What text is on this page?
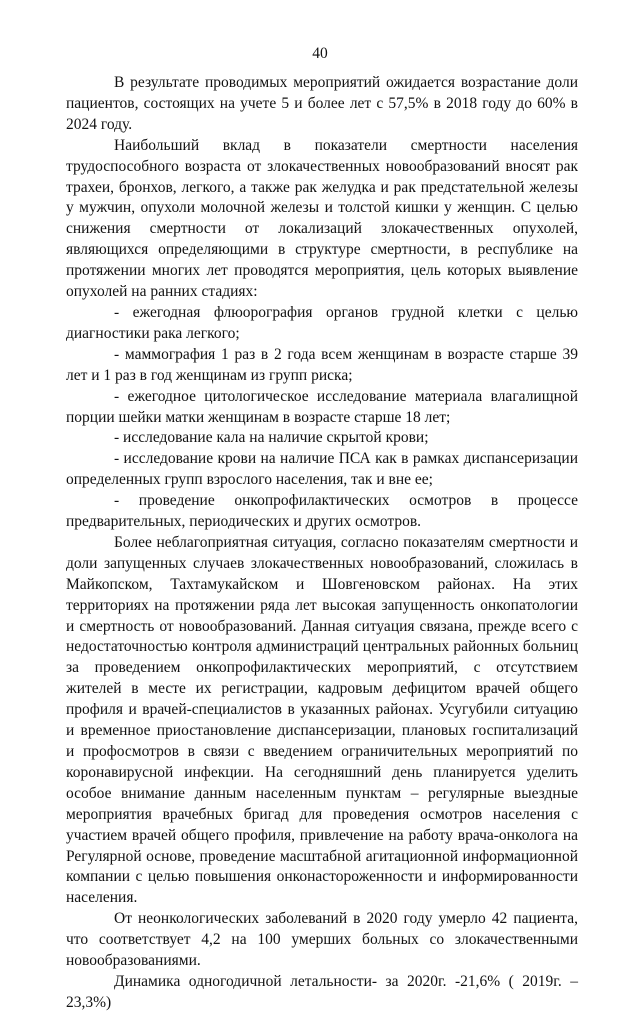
40

В результате проводимых мероприятий ожидается возрастание доли пациентов, состоящих на учете 5 и более лет с 57,5% в 2018 году до 60% в 2024 году.

Наибольший вклад в показатели смертности населения трудоспособного возраста от злокачественных новообразований вносят рак трахеи, бронхов, легкого, а также рак желудка и рак предстательной железы у мужчин, опухоли молочной железы и толстой кишки у женщин. С целью снижения смертности от локализаций злокачественных опухолей, являющихся определяющими в структуре смертности, в республике на протяжении многих лет проводятся мероприятия, цель которых выявление опухолей на ранних стадиях:

- ежегодная флюорография органов грудной клетки с целью диагностики рака легкого;

- маммография 1 раз в 2 года всем женщинам в возрасте старше 39 лет и 1 раз в год женщинам из групп риска;

- ежегодное цитологическое исследование материала влагалищной порции шейки матки женщинам в возрасте старше 18 лет;

- исследование кала на наличие скрытой крови;

- исследование крови на наличие ПСА как в рамках диспансеризации определенных групп взрослого населения, так и вне ее;

- проведение онкопрофилактических осмотров в процессе предварительных, периодических и других осмотров.

Более неблагоприятная ситуация, согласно показателям смертности и доли запущенных случаев злокачественных новообразований, сложилась в Майкопском, Тахтамукайском и Шовгеновском районах. На этих территориях на протяжении ряда лет высокая запущенность онкопатологии и смертность от новообразований. Данная ситуация связана, прежде всего с недостаточностью контроля администраций центральных районных больниц за проведением онкопрофилактических мероприятий, с отсутствием жителей в месте их регистрации, кадровым дефицитом врачей общего профиля и врачей-специалистов в указанных районах. Усугубили ситуацию и временное приостановление диспансеризации, плановых госпитализаций и профосмотров в связи с введением ограничительных мероприятий по коронавирусной инфекции. На сегодняшний день планируется уделить особое внимание данным населенным пунктам – регулярные выездные мероприятия врачебных бригад для проведения осмотров населения с участием врачей общего профиля, привлечение на работу врача-онколога на Регулярной основе, проведение масштабной агитационной информационной компании с целью повышения онконастороженности и информированности населения.

От неонкологических заболеваний в 2020 году умерло 42 пациента, что соответствует 4,2 на 100 умерших больных со злокачественными новообразованиями.

Динамика одногодичной летальности- за 2020г. -21,6% ( 2019г. – 23,3%)
